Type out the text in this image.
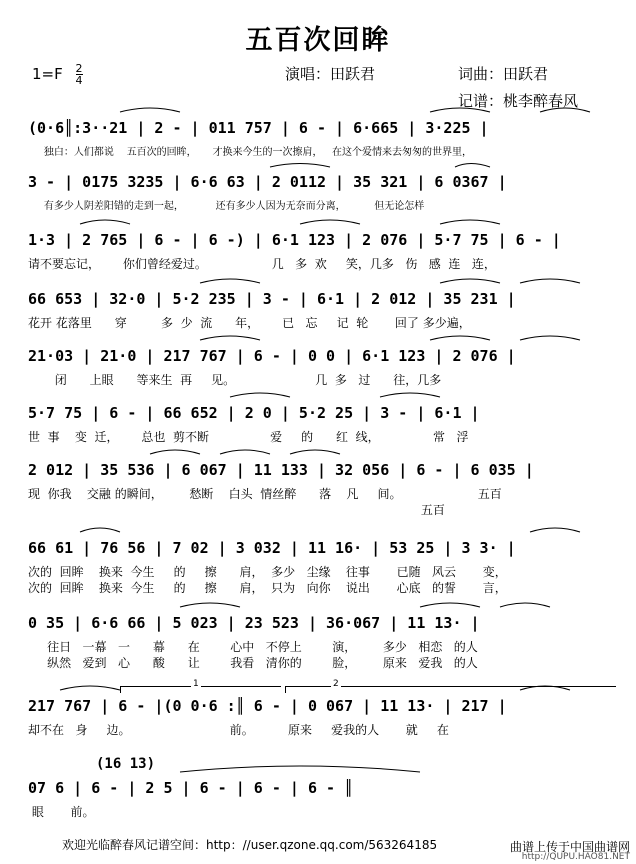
五百次回眸
$1=F \frac{2}{4}$	演唱：田跃君	词曲：田跃君
记谱：桃李醉春风
(0·6║:3··21 | 2 - | 011 757 | 6 - | 6·665 | 3·225 |
独白：人们都说    五百次的回眸，     才换来今生的一次擦肩，   在这个爱情来去匆匆的世界里，
3 - | 0175 3235 | 6·6 63 | 2 0112 | 35 321 | 6 0367 |
有多少人阴差阳错的走到一起，          还有多少人因为无奈而分离，         但无论怎样
1·3 | 2 765 | 6 - | 6 -) | 6·1 123 | 2 076 | 5·7 75 | 6 - |
请不要忘记，      你们曾经爱过。                 几   多  欢     笑，几多   伤   感  连   连，
66 653 | 32·0 | 5·2 235 | 3 - | 6·1 | 2 012 | 35 231 |
花开 花落里      穿         多  少  流      年，      已   忘     记  轮       回了 多少遍，
21·03 | 21·0 | 217 767 | 6 - | 0 0 | 6·1 123 | 2 076 |
闭      上眼      等来生  再     见。                     几  多   过      往，几多
5·7 75 | 6 - | 66 652 | 2 0 | 5·2 25 | 3 - | 6·1 |
世  事    变  迁，      总也  剪不断                爱     的      红  线，              常   浮
2 012 | 35 536 | 6 067 | 11 133 | 32 056 | 6 - | 6 035 |
现  你我    交融 的瞬间，       愁断    白头  情丝醉      落    凡     间。                    五百
五百
66 61 | 76 56 | 7 02 | 3 032 | 11 16· | 53 25 | 3 3· |
次的  回眸    换来  今生     的     擦      肩，  多少   尘缘    往事       已随   风云       变，
次的  回眸    换来  今生     的     擦      肩，  只为   向你    说出       心底   的誓       言，
0 35 | 6·6 66 | 5 023 | 23 523 | 36·067 | 11 13· |
往日   一幕   一      幕      在        心中   不停上        演，       多少   相恋   的人
纵然   爱到   心      酸      让        我看   清你的        脸，       原来   爱我   的人
1	2
217 767 | 6 - |(0 0·6 :║ 6 - | 0 067 | 11 13· | 217 |
却不在   身     边。                          前。         原来     爱我的人       就     在
(16 13)
07 6 | 6 - | 2 5 | 6 - | 6 - | 6 - ║
眼       前。
欢迎光临醉春风记谱空间：http：//user.qzone.qq.com/563264185	曲谱上传于中国曲谱网
http://QUPU.HAO81.NET
